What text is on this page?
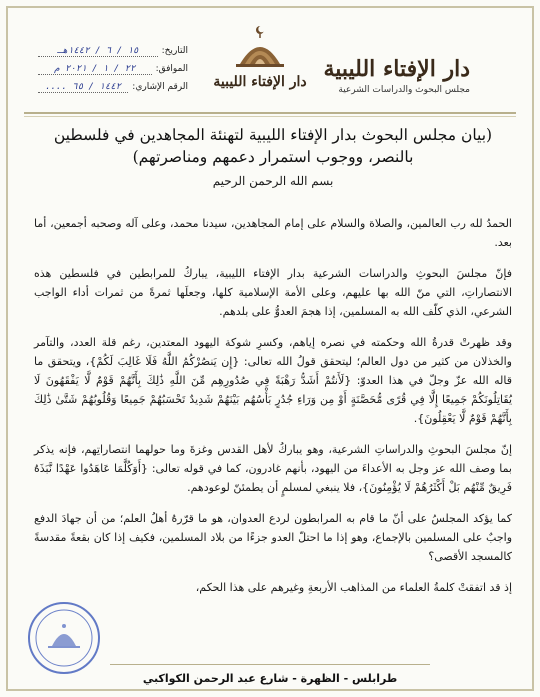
دار الإفتاء الليبية
مجلس البحوث والدراسات الشرعية
دار الإفتاء الليبية
التاريخ:
١٥ / ٦ / ١٤٤٢هـ
الموافق:
٢٢ / ١ / ٢٠٢١ م
الرقم الإشاري:
١٤٤٢ / ٦٥ ....
(بيان مجلس البحوث بدار الإفتاء الليبية لتهنئة المجاهدين في فلسطين بالنصر، ووجوب استمرار دعمهم ومناصرتهم)
بسم الله الرحمن الرحيم

الحمدُ لله رب العالمين، والصلاة والسلام على إمام المجاهدين، سيدنا محمد، وعلى آله وصحبه أجمعين، أما بعد.

فإنّ مجلسَ البحوثِ والدراسات الشرعية بدار الإفتاء الليبية، يباركُ للمرابطين في فلسطين هذه الانتصاراتِ، التي منّ الله بها عليهم، وعلى الأمة الإسلامية كلها، وجعلَها ثمرةً من ثمرات أداء الواجب الشرعي، الذي كلّف الله به المسلمين، إذا هجمَ العدوُّ على بلدهم.

وقد ظهرتْ قدرةُ الله وحكمته في نصره إياهم، وكسرِ شوكة اليهود المعتدين، رغم قلة العدد، والتآمر والخذلان من كثير من دول العالم؛ ليتحقق قولُ الله تعالى: {إِن يَنصُرْكُمُ اللَّهُ فَلَا غَالِبَ لَكُمْ}، ويتحقق ما قاله الله عزّ وجلّ في هذا العدوّ: {لَأَنتُمْ أَشَدُّ رَهْبَةً فِي صُدُورِهِم مِّنَ اللَّهِ ذَٰلِكَ بِأَنَّهُمْ قَوْمٌ لَّا يَفْقَهُونَ لَا يُقَاتِلُونَكُمْ جَمِيعًا إِلَّا فِي قُرًى مُّحَصَّنَةٍ أَوْ مِن وَرَاءِ جُدُرٍ بَأْسُهُم بَيْنَهُمْ شَدِيدٌ تَحْسَبُهُمْ جَمِيعًا وَقُلُوبُهُمْ شَتَّىٰ ذَٰلِكَ بِأَنَّهُمْ قَوْمٌ لَّا يَعْقِلُونَ}.

إنّ مجلسَ البحوثِ والدراساتِ الشرعية، وهو يباركُ لأهل القدس وغزةَ وما حولهما انتصاراتِهم، فإنه يذكر بما وصف الله عز وجل به الأعداءَ من اليهود، بأنهم غادرون، كما في قوله تعالى: {أَوَكُلَّمَا عَاهَدُوا عَهْدًا نَّبَذَهُ فَرِيقٌ مِّنْهُم بَلْ أَكْثَرُهُمْ لَا يُؤْمِنُونَ}، فلا ينبغي لمسلمٍ أن يطمئنّ لوعودهم.

كما يؤكد المجلسُ على أنّ ما قام به المرابطون لردع العدوان، هو ما قرّرهُ أهلُ العلم؛ من أن جهادَ الدفع واجبٌ على المسلمين بالإجماع، وهو إذا ما احتلّ العدو جزءًا من بلاد المسلمين، فكيف إذا كان بقعةً مقدسةً كالمسجد الأقصى؟

إذ قد اتفقتْ كلمةُ العلماء من المذاهب الأربعةِ وغيرهم على هذا الحكم،

طرابلس - الظهرة - شارع عبد الرحمن الكواكبي
